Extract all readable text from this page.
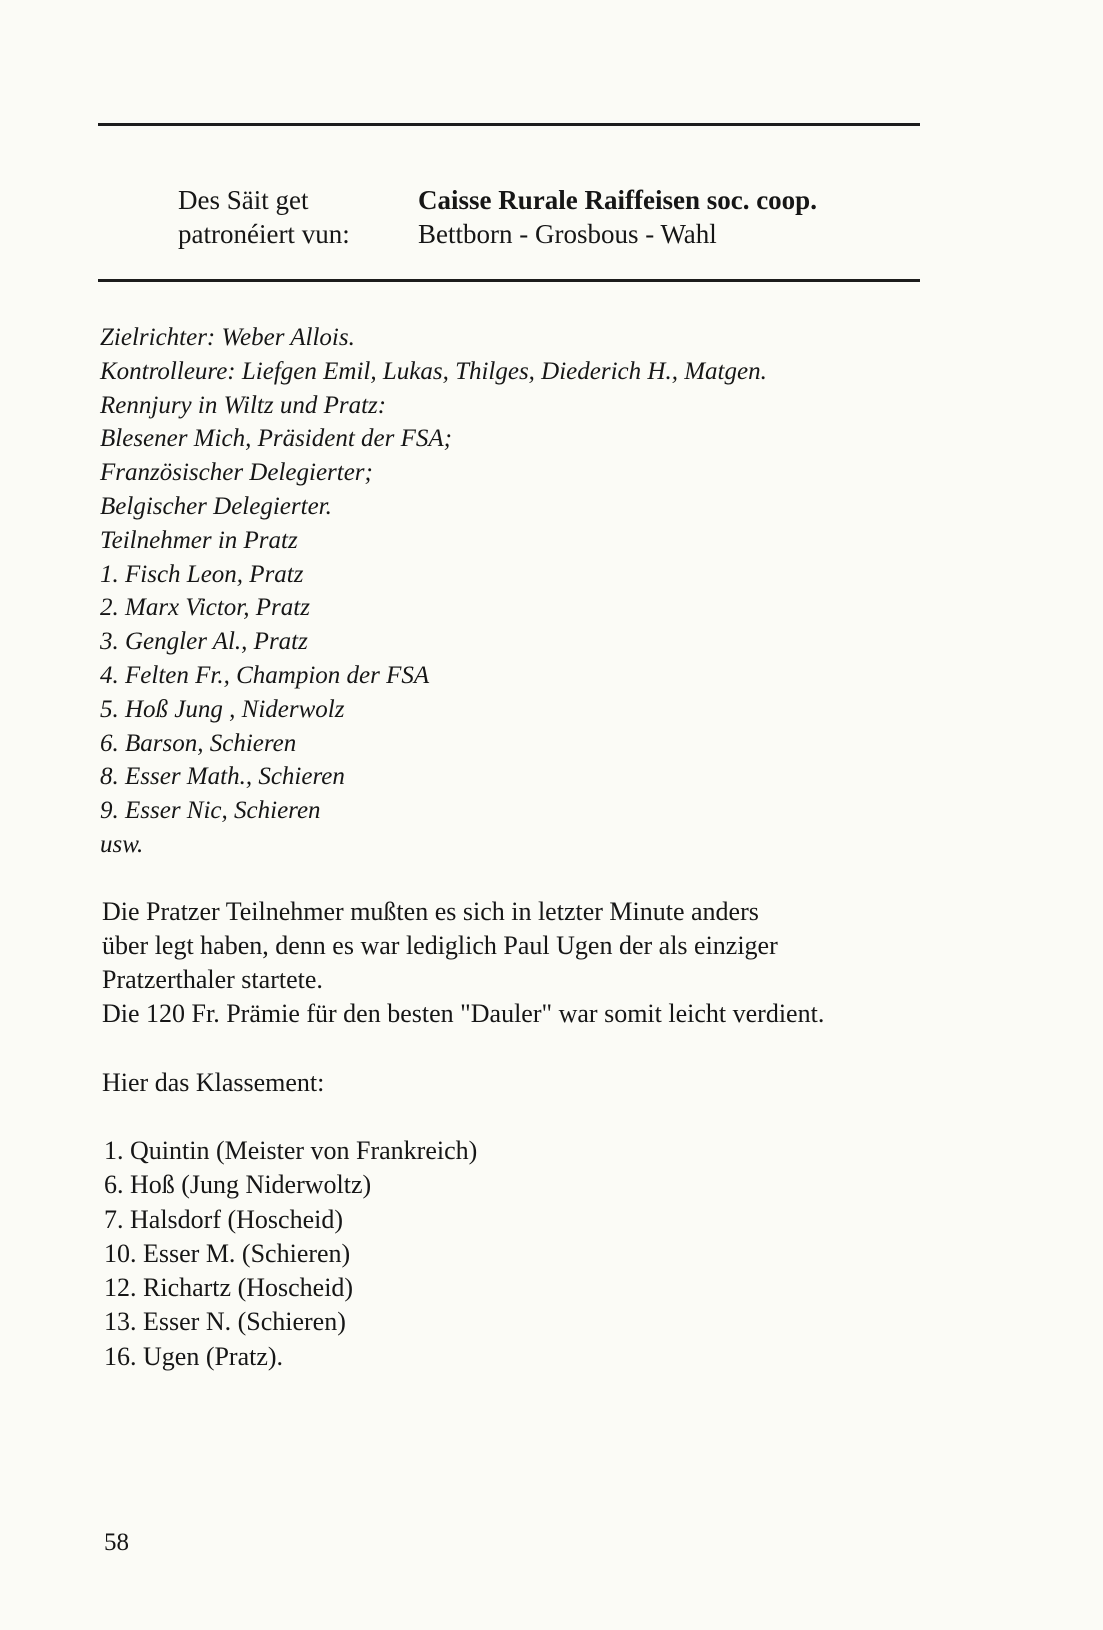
Des Säit get	Caisse Rurale Raiffeisen soc. coop.
patronéiert vun:	Bettborn - Grosbous - Wahl
Zielrichter: Weber Allois.
Kontrolleure: Liefgen Emil, Lukas, Thilges, Diederich H., Matgen.
Rennjury in Wiltz und Pratz:
Blesener Mich, Präsident der FSA;
Französischer Delegierter;
Belgischer Delegierter.
Teilnehmer in Pratz
1. Fisch Leon, Pratz
2. Marx Victor, Pratz
3. Gengler Al., Pratz
4. Felten Fr., Champion der FSA
5. Hoß Jung , Niderwolz
6. Barson, Schieren
8. Esser Math., Schieren
9. Esser Nic, Schieren
usw.
Die Pratzer Teilnehmer mußten es sich in letzter Minute anders
über legt haben, denn es war lediglich Paul Ugen der als einziger
Pratzerthaler startete.
Die 120 Fr. Prämie für den besten "Dauler" war somit leicht verdient.
Hier das Klassement:
1. Quintin (Meister von Frankreich)
6. Hoß (Jung Niderwoltz)
7. Halsdorf (Hoscheid)
10. Esser M. (Schieren)
12. Richartz (Hoscheid)
13. Esser N. (Schieren)
16. Ugen (Pratz).
58
